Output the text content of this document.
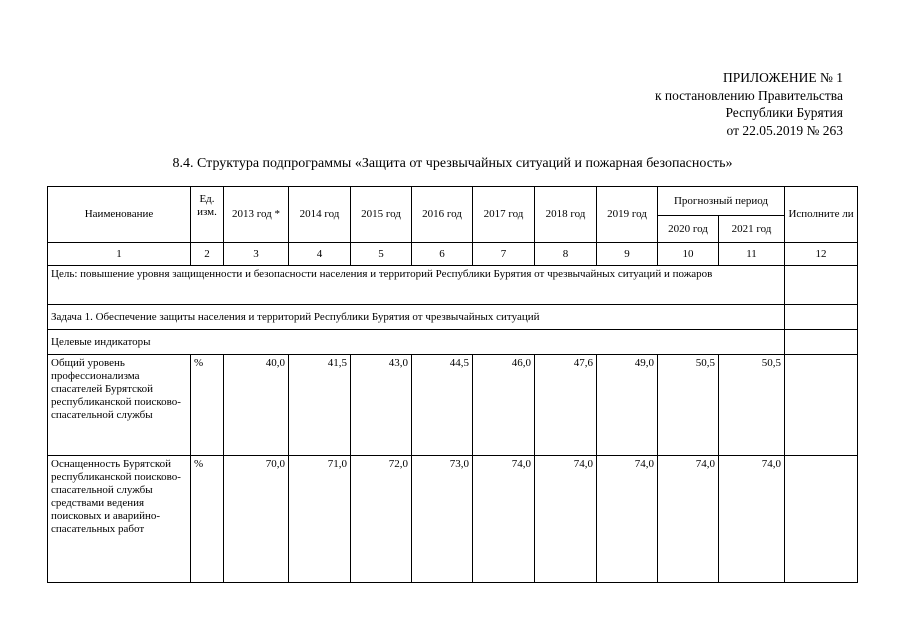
ПРИЛОЖЕНИЕ № 1
к постановлению Правительства
Республики Бурятия
от 22.05.2019 № 263
8.4. Структура подпрограммы «Защита от чрезвычайных ситуаций и пожарная безопасность»
Наименование	Ед. изм.	2013 год *	2014 год	2015 год	2016 год	2017 год	2018 год	2019 год	Прогнозный период		Исполните ли
									2020 год	2021 год	
1	2	3	4	5	6	7	8	9	10	11	12
Цель: повышение уровня защищенности и безопасности населения и территорий Республики Бурятия от чрезвычайных ситуаций и пожаров											
Задача 1. Обеспечение защиты населения и территорий Республики Бурятия от чрезвычайных ситуаций											
Целевые индикаторы											
Общий уровень профессионализма спасателей Бурятской республиканской поисково-спасательной службы	%	40,0	41,5	43,0	44,5	46,0	47,6	49,0	50,5	50,5	
Оснащенность Бурятской республиканской поисково-спасательной службы средствами ведения поисковых и аварийно-спасательных работ	%	70,0	71,0	72,0	73,0	74,0	74,0	74,0	74,0	74,0	
